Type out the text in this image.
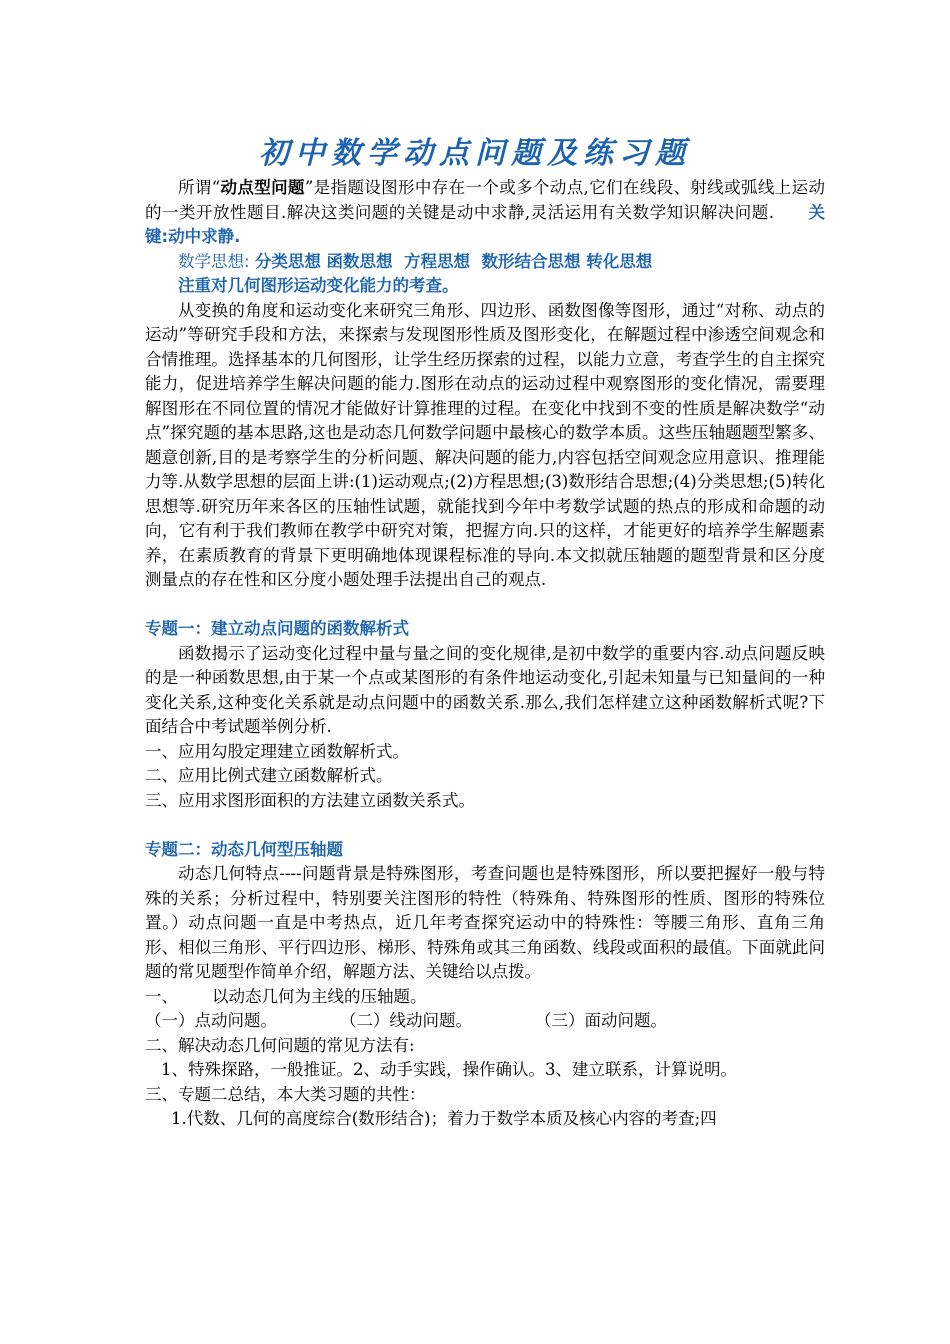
初中数学动点问题及练习题

所谓“动点型问题”是指题设图形中存在一个或多个动点,它们在线段、射线或弧线上运动的一类开放性题目.解决这类问题的关键是动中求静,灵活运用有关数学知识解决问题. 关键:动中求静.

数学思想: 分类思想 函数思想  方程思想  数形结合思想 转化思想

注重对几何图形运动变化能力的考查。

从变换的角度和运动变化来研究三角形、四边形、函数图像等图形，通过“对称、动点的运动”等研究手段和方法，来探索与发现图形性质及图形变化，在解题过程中渗透空间观念和合情推理。选择基本的几何图形，让学生经历探索的过程，以能力立意，考查学生的自主探究能力，促进培养学生解决问题的能力.图形在动点的运动过程中观察图形的变化情况，需要理解图形在不同位置的情况才能做好计算推理的过程。在变化中找到不变的性质是解决数学“动点”探究题的基本思路,这也是动态几何数学问题中最核心的数学本质。这些压轴题题型繁多、题意创新,目的是考察学生的分析问题、解决问题的能力,内容包括空间观念应用意识、推理能力等.从数学思想的层面上讲:(1)运动观点;(2)方程思想;(3)数形结合思想;(4)分类思想;(5)转化思想等.研究历年来各区的压轴性试题，就能找到今年中考数学试题的热点的形成和命题的动向，它有利于我们教师在教学中研究对策，把握方向.只的这样，才能更好的培养学生解题素养，在素质教育的背景下更明确地体现课程标准的导向.本文拟就压轴题的题型背景和区分度测量点的存在性和区分度小题处理手法提出自己的观点.

专题一：建立动点问题的函数解析式

函数揭示了运动变化过程中量与量之间的变化规律,是初中数学的重要内容.动点问题反映的是一种函数思想,由于某一个点或某图形的有条件地运动变化,引起未知量与已知量间的一种变化关系,这种变化关系就是动点问题中的函数关系.那么,我们怎样建立这种函数解析式呢?下面结合中考试题举例分析.

一、应用勾股定理建立函数解析式。

二、应用比例式建立函数解析式。

三、应用求图形面积的方法建立函数关系式。

专题二：动态几何型压轴题

动态几何特点----问题背景是特殊图形，考查问题也是特殊图形，所以要把握好一般与特殊的关系；分析过程中，特别要关注图形的特性（特殊角、特殊图形的性质、图形的特殊位置。）动点问题一直是中考热点，近几年考查探究运动中的特殊性：等腰三角形、直角三角形、相似三角形、平行四边形、梯形、特殊角或其三角函数、线段或面积的最值。下面就此问题的常见题型作简单介绍，解题方法、关键给以点拨。

一、 以动态几何为主线的压轴题。

（一）点动问题。	（二）线动问题。	（三）面动问题。

二、解决动态几何问题的常见方法有:

1、特殊探路，一般推证。2、动手实践，操作确认。3、建立联系，计算说明。

三、专题二总结，本大类习题的共性：

1.代数、几何的高度综合(数形结合)；着力于数学本质及核心内容的考查;四
